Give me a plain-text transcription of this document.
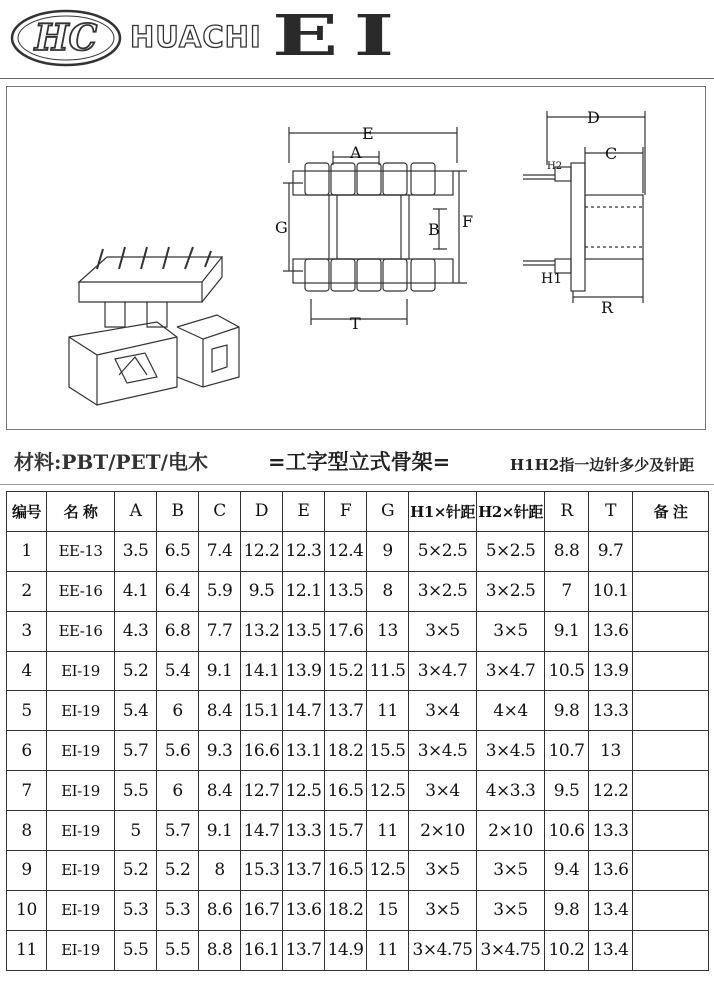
HC HUACHI EI
E
A
B F
G
T
D
C
H2
H1
R
材料:PBT/PET/电木	=工字型立式骨架=	H1H2指一边针多少及针距
编号	名 称	A	B	C	D	E	F	G	H1×针距	H2×针距	R	T	备 注
1	EE-13	3.5	6.5	7.4	12.2	12.3	12.4	9	5×2.5	5×2.5	8.8	9.7	
2	EE-16	4.1	6.4	5.9	9.5	12.1	13.5	8	3×2.5	3×2.5	7	10.1	
3	EE-16	4.3	6.8	7.7	13.2	13.5	17.6	13	3×5	3×5	9.1	13.6	
4	EI-19	5.2	5.4	9.1	14.1	13.9	15.2	11.5	3×4.7	3×4.7	10.5	13.9	
5	EI-19	5.4	6	8.4	15.1	14.7	13.7	11	3×4	4×4	9.8	13.3	
6	EI-19	5.7	5.6	9.3	16.6	13.1	18.2	15.5	3×4.5	3×4.5	10.7	13	
7	EI-19	5.5	6	8.4	12.7	12.5	16.5	12.5	3×4	4×3.3	9.5	12.2	
8	EI-19	5	5.7	9.1	14.7	13.3	15.7	11	2×10	2×10	10.6	13.3	
9	EI-19	5.2	5.2	8	15.3	13.7	16.5	12.5	3×5	3×5	9.4	13.6	
10	EI-19	5.3	5.3	8.6	16.7	13.6	18.2	15	3×5	3×5	9.8	13.4	
11	EI-19	5.5	5.5	8.8	16.1	13.7	14.9	11	3×4.75	3×4.75	10.2	13.4	
